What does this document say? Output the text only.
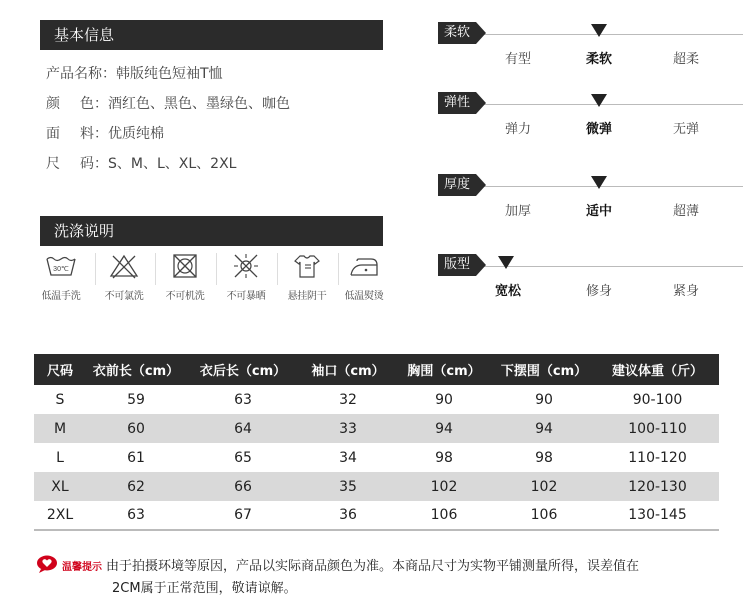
基本信息
产品名称：韩版纯色短袖T恤
颜色：酒红色、黑色、墨绿色、咖色
面料：优质纯棉
尺码：S、M、L、XL、2XL
洗涤说明
30℃
低温手洗	不可氯洗	不可机洗	不可暴晒	悬挂阴干	低温熨烫
柔软
有型	柔软	超柔
弹性
弹力	微弹	无弹
厚度
加厚	适中	超薄
版型
宽松	修身	紧身
尺码	衣前长（cm）	衣后长（cm）	袖口（cm）	胸围（cm）	下摆围（cm）	建议体重（斤）
S	59	63	32	90	90	90-100
M	60	64	33	94	94	100-110
L	61	65	34	98	98	110-120
XL	62	66	35	102	102	120-130
2XL	63	67	36	106	106	130-145
温馨提示 由于拍摄环境等原因，产品以实际商品颜色为准。本商品尺寸为实物平铺测量所得，误差值在
2CM属于正常范围，敬请谅解。
